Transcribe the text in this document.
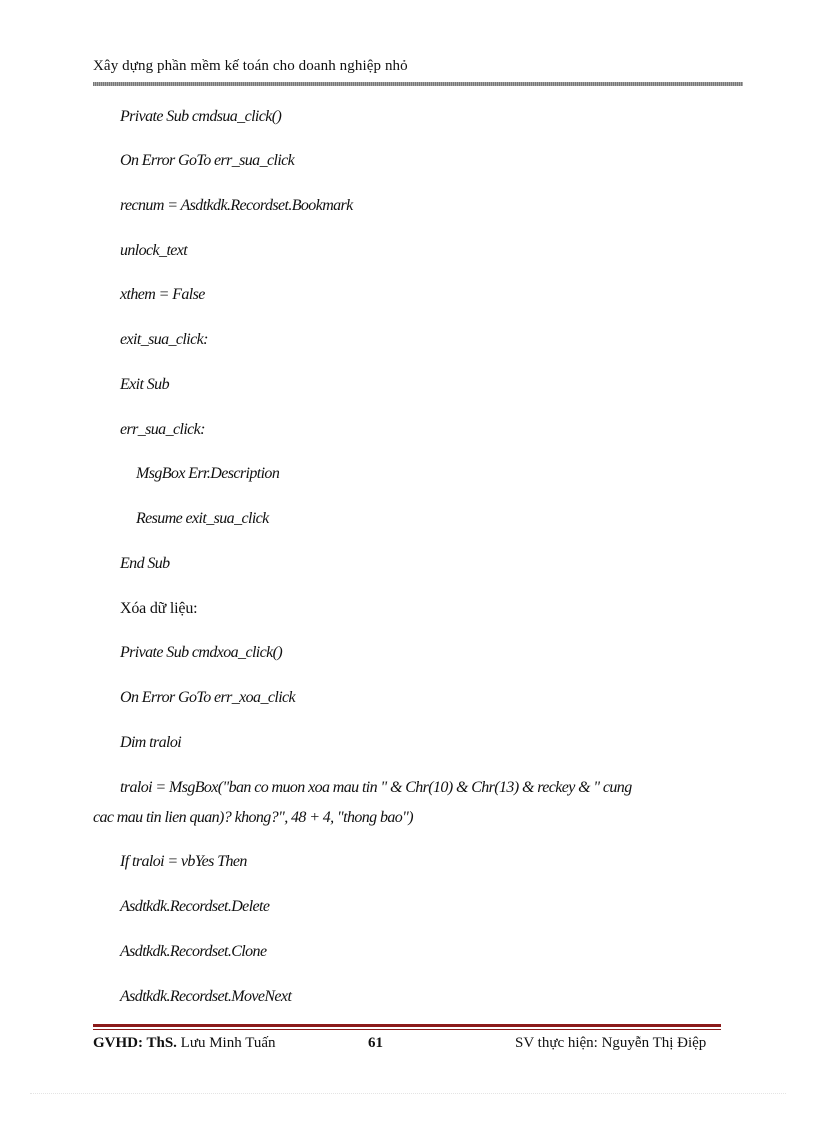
Xây dựng phần mềm kế toán cho doanh nghiệp nhỏ
Private Sub cmdsua_click()
On Error GoTo err_sua_click
recnum = Asdtkdk.Recordset.Bookmark
unlock_text
xthem = False
exit_sua_click:
Exit Sub
err_sua_click:
MsgBox Err.Description
Resume exit_sua_click
End Sub
Xóa dữ liệu:
Private Sub cmdxoa_click()
On Error GoTo err_xoa_click
Dim traloi
traloi = MsgBox("ban co muon xoa mau tin " & Chr(10) & Chr(13) & reckey & " cung
cac mau tin lien quan)? khong?", 48 + 4, "thong bao")
If traloi = vbYes Then
Asdtkdk.Recordset.Delete
Asdtkdk.Recordset.Clone
Asdtkdk.Recordset.MoveNext
GVHD: ThS. Lưu Minh Tuấn	61	SV thực hiện: Nguyễn Thị Điệp
